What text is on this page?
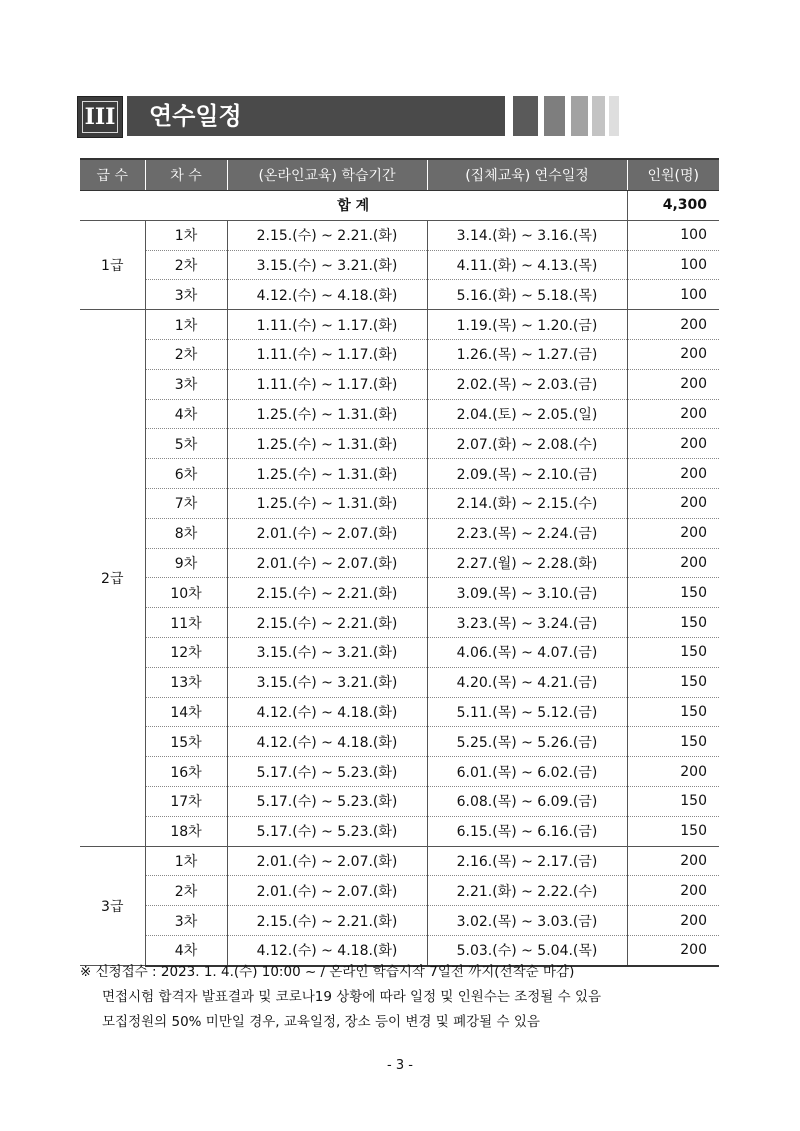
III 연수일정
급 수	차 수	(온라인교육) 학습기간	(집체교육) 연수일정	인원(명)
합 계				4,300
1급	1차	2.15.(수) ~ 2.21.(화)	3.14.(화) ~ 3.16.(목)	100
	2차	3.15.(수) ~ 3.21.(화)	4.11.(화) ~ 4.13.(목)	100
	3차	4.12.(수) ~ 4.18.(화)	5.16.(화) ~ 5.18.(목)	100
2급	1차	1.11.(수) ~ 1.17.(화)	1.19.(목) ~ 1.20.(금)	200
	2차	1.11.(수) ~ 1.17.(화)	1.26.(목) ~ 1.27.(금)	200
	3차	1.11.(수) ~ 1.17.(화)	2.02.(목) ~ 2.03.(금)	200
	4차	1.25.(수) ~ 1.31.(화)	2.04.(토) ~ 2.05.(일)	200
	5차	1.25.(수) ~ 1.31.(화)	2.07.(화) ~ 2.08.(수)	200
	6차	1.25.(수) ~ 1.31.(화)	2.09.(목) ~ 2.10.(금)	200
	7차	1.25.(수) ~ 1.31.(화)	2.14.(화) ~ 2.15.(수)	200
	8차	2.01.(수) ~ 2.07.(화)	2.23.(목) ~ 2.24.(금)	200
	9차	2.01.(수) ~ 2.07.(화)	2.27.(월) ~ 2.28.(화)	200
	10차	2.15.(수) ~ 2.21.(화)	3.09.(목) ~ 3.10.(금)	150
	11차	2.15.(수) ~ 2.21.(화)	3.23.(목) ~ 3.24.(금)	150
	12차	3.15.(수) ~ 3.21.(화)	4.06.(목) ~ 4.07.(금)	150
	13차	3.15.(수) ~ 3.21.(화)	4.20.(목) ~ 4.21.(금)	150
	14차	4.12.(수) ~ 4.18.(화)	5.11.(목) ~ 5.12.(금)	150
	15차	4.12.(수) ~ 4.18.(화)	5.25.(목) ~ 5.26.(금)	150
	16차	5.17.(수) ~ 5.23.(화)	6.01.(목) ~ 6.02.(금)	200
	17차	5.17.(수) ~ 5.23.(화)	6.08.(목) ~ 6.09.(금)	150
	18차	5.17.(수) ~ 5.23.(화)	6.15.(목) ~ 6.16.(금)	150
3급	1차	2.01.(수) ~ 2.07.(화)	2.16.(목) ~ 2.17.(금)	200
	2차	2.01.(수) ~ 2.07.(화)	2.21.(화) ~ 2.22.(수)	200
	3차	2.15.(수) ~ 2.21.(화)	3.02.(목) ~ 3.03.(금)	200
	4차	4.12.(수) ~ 4.18.(화)	5.03.(수) ~ 5.04.(목)	200
※ 신청접수 : 2023. 1. 4.(수) 10:00 ~ / 온라인 학습시작 7일전 까지(선착순 마감)
면접시험 합격자 발표결과 및 코로나19 상황에 따라 일정 및 인원수는 조정될 수 있음
모집정원의 50% 미만일 경우, 교육일정, 장소 등이 변경 및 폐강될 수 있음
- 3 -
